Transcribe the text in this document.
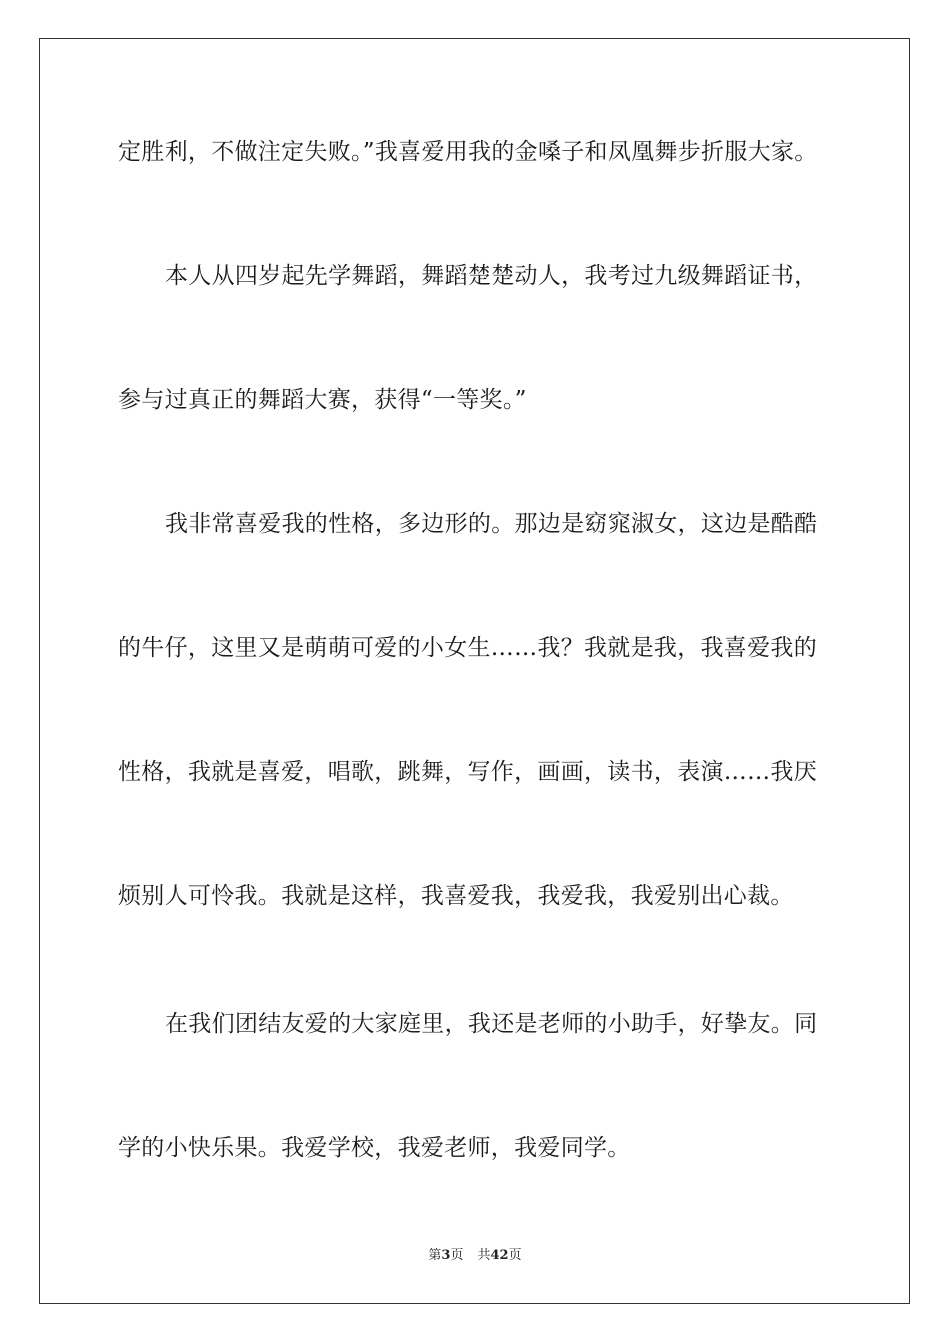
定胜利，不做注定失败。”我喜爱用我的金嗓子和凤凰舞步折服大家。
本人从四岁起先学舞蹈，舞蹈楚楚动人，我考过九级舞蹈证书，
参与过真正的舞蹈大赛，获得“一等奖。”
我非常喜爱我的性格，多边形的。那边是窈窕淑女，这边是酷酷
的牛仔，这里又是萌萌可爱的小女生……我？我就是我，我喜爱我的
性格，我就是喜爱，唱歌，跳舞，写作，画画，读书，表演……我厌
烦别人可怜我。我就是这样，我喜爱我，我爱我，我爱别出心裁。
在我们团结友爱的大家庭里，我还是老师的小助手，好挚友。同
学的小快乐果。我爱学校，我爱老师，我爱同学。
第3页 共42页
